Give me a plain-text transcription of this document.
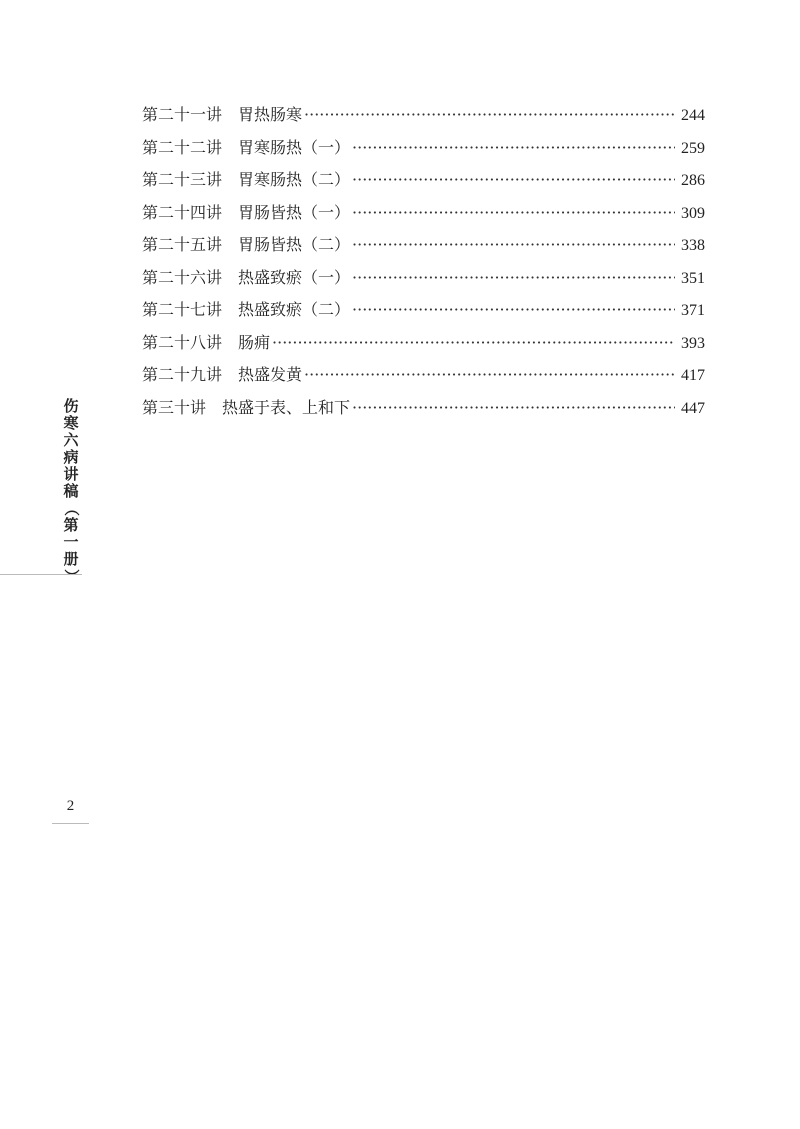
第二十一讲 胃热肠寒 ·····	244
第二十二讲 胃寒肠热（一） ·····	259
第二十三讲 胃寒肠热（二） ·····	286
第二十四讲 胃肠皆热（一） ·····	309
第二十五讲 胃肠皆热（二） ·····	338
第二十六讲 热盛致瘀（一） ·····	351
第二十七讲 热盛致瘀（二） ·····	371
第二十八讲 肠痈 ·····	393
第二十九讲 热盛发黄 ·····	417
第三十讲 热盛于表、上和下 ·····	447
伤
寒
六
病
讲
稿
（
第
一
册
）
2
